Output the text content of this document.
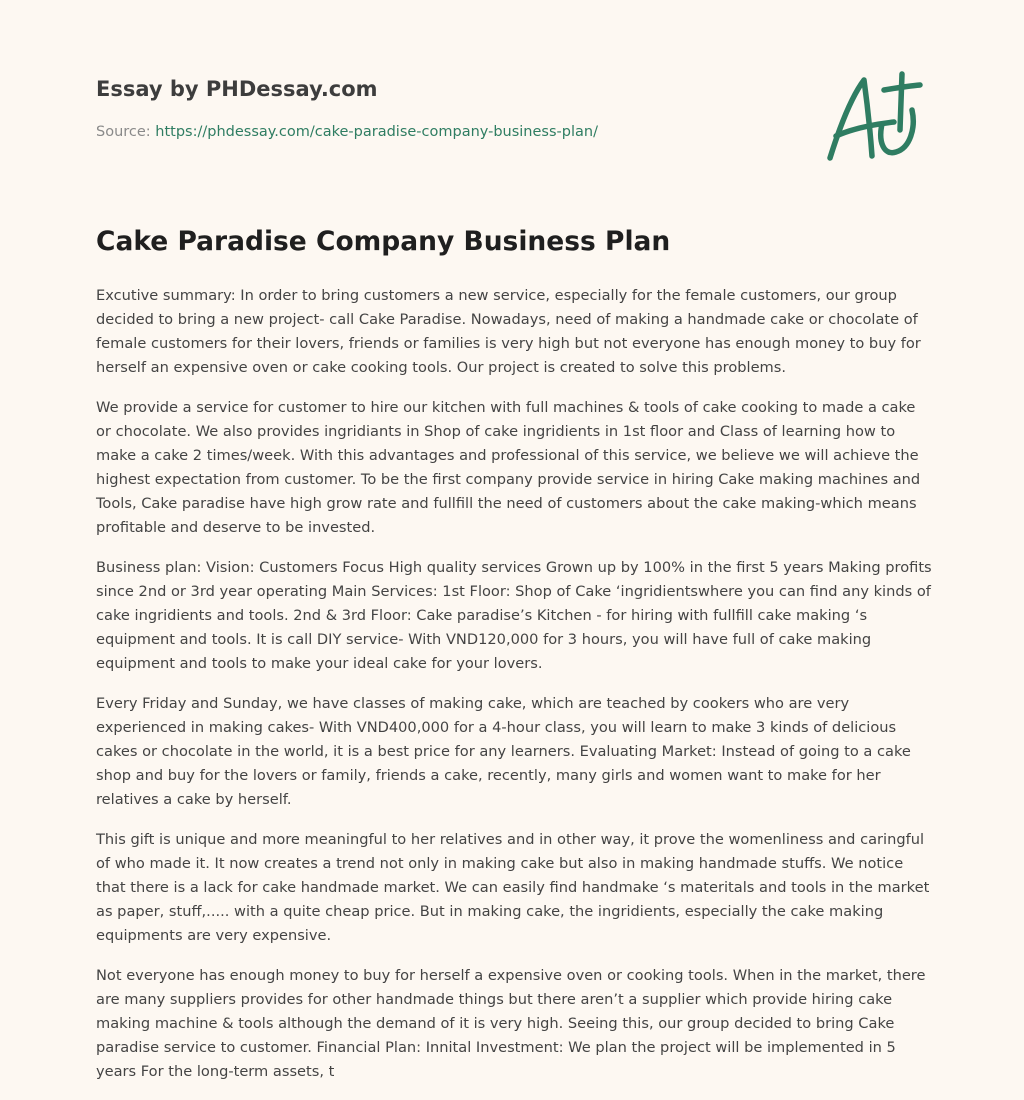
Essay by PHDessay.com
Source: https://phdessay.com/cake-paradise-company-business-plan/
Cake Paradise Company Business Plan

Excutive summary: In order to bring customers a new service, especially for the female customers, our group decided to bring a new project- call Cake Paradise. Nowadays, need of making a handmade cake or chocolate of female customers for their lovers, friends or families is very high but not everyone has enough money to buy for herself an expensive oven or cake cooking tools. Our project is created to solve this problems.

We provide a service for customer to hire our kitchen with full machines & tools of cake cooking to made a cake or chocolate. We also provides ingridiants in Shop of cake ingridients in 1st floor and Class of learning how to make a cake 2 times/week. With this advantages and professional of this service, we believe we will achieve the highest expectation from customer. To be the first company provide service in hiring Cake making machines and Tools, Cake paradise have high grow rate and fullfill the need of customers about the cake making-which means profitable and deserve to be invested.

Business plan: Vision: Customers Focus High quality services Grown up by 100% in the first 5 years Making profits since 2nd or 3rd year operating Main Services: 1st Floor: Shop of Cake ‘ingridientswhere you can find any kinds of cake ingridients and tools. 2nd & 3rd Floor: Cake paradise’s Kitchen - for hiring with fullfill cake making ‘s equipment and tools. It is call DIY service- With VND120,000 for 3 hours, you will have full of cake making equipment and tools to make your ideal cake for your lovers.

Every Friday and Sunday, we have classes of making cake, which are teached by cookers who are very experienced in making cakes- With VND400,000 for a 4-hour class, you will learn to make 3 kinds of delicious cakes or chocolate in the world, it is a best price for any learners. Evaluating Market: Instead of going to a cake shop and buy for the lovers or family, friends a cake, recently, many girls and women want to make for her relatives a cake by herself.

This gift is unique and more meaningful to her relatives and in other way, it prove the womenliness and caringful of who made it. It now creates a trend not only in making cake but also in making handmade stuffs. We notice that there is a lack for cake handmade market. We can easily find handmake ‘s materitals and tools in the market as paper, stuff,..... with a quite cheap price. But in making cake, the ingridients, especially the cake making equipments are very expensive.

Not everyone has enough money to buy for herself a expensive oven or cooking tools. When in the market, there are many suppliers provides for other handmade things but there aren’t a supplier which provide hiring cake making machine & tools although the demand of it is very high. Seeing this, our group decided to bring Cake paradise service to customer. Financial Plan: Innital Investment: We plan the project will be implemented in 5 years For the long-term assets, t
